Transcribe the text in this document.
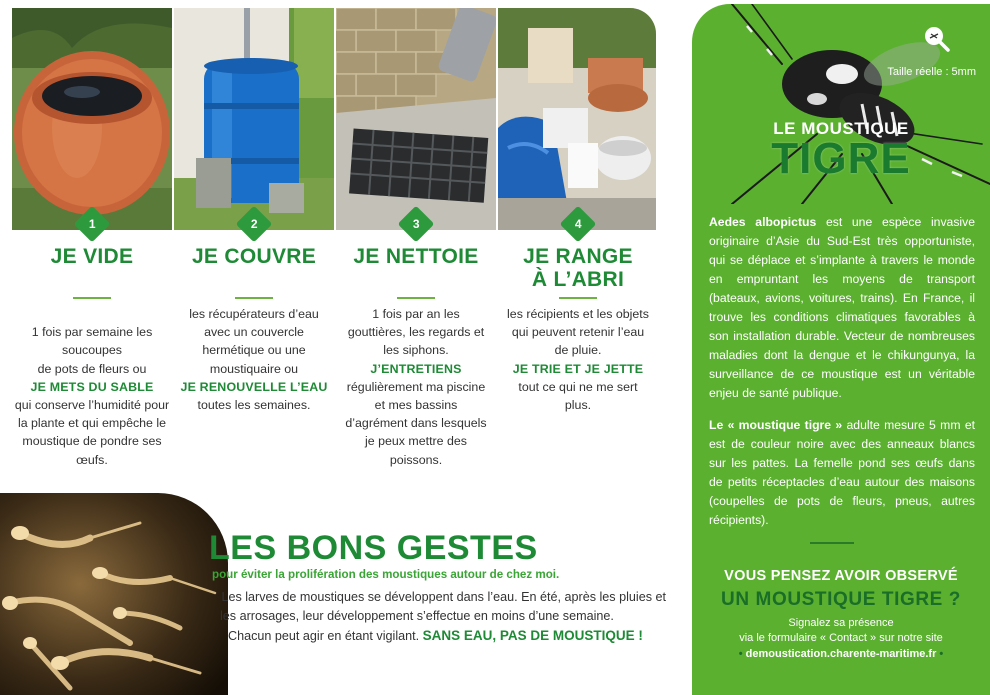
1	2	3	4
JE VIDE	JE COUVRE	JE NETTOIE	JE RANGE
À L’ABRI

1 fois par semaine les soucoupes
de pots de fleurs ou
JE METS DU SABLE
qui conserve l’humidité pour la plante et qui empêche le moustique de pondre ses œufs.

les récupérateurs d’eau avec un couvercle hermétique ou une moustiquaire ou
JE RENOUVELLE L’EAU
toutes les semaines.
1 fois par an les gouttières, les regards et les siphons.
J’ENTRETIENS
régulièrement ma piscine et mes bassins d’agrément dans lesquels je peux mettre des poissons.
les récipients et les objets qui peuvent retenir l’eau de pluie.
JE TRIE ET JE JETTE
tout ce qui ne me sert plus.
LES BONS GESTES
pour éviter la prolifération des moustiques autour de chez moi.
Les larves de moustiques se développent dans l’eau. En été, après les pluies et
les arrosages, leur développement s’effectue en moins d’une semaine.
Chacun peut agir en étant vigilant. SANS EAU, PAS DE MOUSTIQUE !
Taille réelle : 5mm
LE MOUSTIQUE
TIGRE

Aedes albopictus est une espèce invasive originaire d’Asie du Sud-Est très opportuniste, qui se déplace et s’implante à travers le monde en empruntant les moyens de transport (bateaux, avions, voitures, trains). En France, il trouve les conditions climatiques favorables à son installation durable. Vecteur de nombreuses maladies dont la dengue et le chikungunya, la surveillance de ce moustique est un véritable enjeu de santé publique.

Le « moustique tigre » adulte mesure 5 mm et est de couleur noire avec des anneaux blancs sur les pattes. La femelle pond ses œufs dans de petits réceptacles d’eau autour des maisons (coupelles de pots de fleurs, pneus, autres récipients).

VOUS PENSEZ AVOIR OBSERVÉ
UN MOUSTIQUE TIGRE ?
Signalez sa présence
via le formulaire « Contact » sur notre site
• demoustication.charente-maritime.fr •
